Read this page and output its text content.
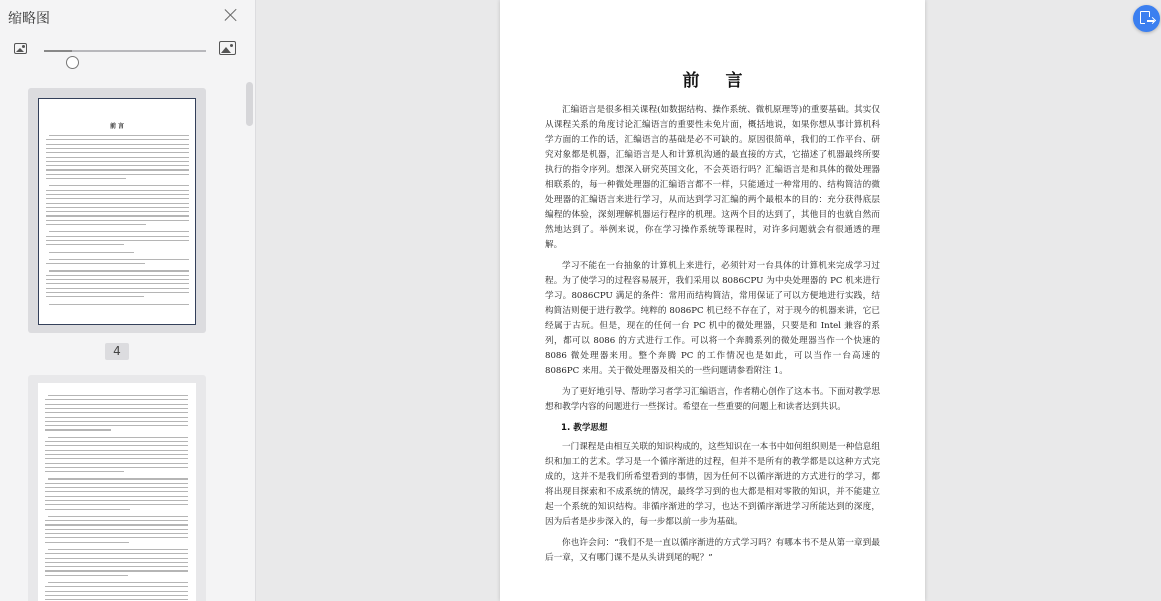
缩略图
前 言
4
前言

汇编语言是很多相关课程(如数据结构、操作系统、微机原理等)的重要基础。其实仅从课程关系的角度讨论汇编语言的重要性未免片面，概括地说，如果你想从事计算机科学方面的工作的话，汇编语言的基础是必不可缺的。原因很简单，我们的工作平台、研究对象都是机器，汇编语言是人和计算机沟通的最直接的方式，它描述了机器最终所要执行的指令序列。想深入研究英国文化，不会英语行吗？汇编语言是和具体的微处理器相联系的，每一种微处理器的汇编语言都不一样，只能通过一种常用的、结构简洁的微处理器的汇编语言来进行学习，从而达到学习汇编的两个最根本的目的：充分获得底层编程的体验，深刻理解机器运行程序的机理。这两个目的达到了，其他目的也就自然而然地达到了。举例来说，你在学习操作系统等课程时，对许多问题就会有很通透的理解。

学习不能在一台抽象的计算机上来进行，必须针对一台具体的计算机来完成学习过程。为了使学习的过程容易展开，我们采用以 8086CPU 为中央处理器的 PC 机来进行学习。8086CPU 满足的条件：常用而结构简洁，常用保证了可以方便地进行实践，结构简洁则便于进行教学。纯粹的 8086PC 机已经不存在了，对于现今的机器来讲，它已经属于古玩。但是，现在的任何一台 PC 机中的微处理器，只要是和 Intel 兼容的系列，都可以 8086 的方式进行工作。可以将一个奔腾系列的微处理器当作一个快速的 8086 微处理器来用。整个奔腾 PC 的工作情况也是如此，可以当作一台高速的 8086PC 来用。关于微处理器及相关的一些问题请参看附注 1。

为了更好地引导、帮助学习者学习汇编语言，作者精心创作了这本书。下面对教学思想和教学内容的问题进行一些探讨。希望在一些重要的问题上和读者达到共识。

1. 教学思想

一门课程是由相互关联的知识构成的，这些知识在一本书中如何组织则是一种信息组织和加工的艺术。学习是一个循序渐进的过程，但并不是所有的教学都是以这种方式完成的，这并不是我们所希望看到的事情，因为任何不以循序渐进的方式进行的学习，都将出现目探索和不成系统的情况，最终学习到的也大都是相对零散的知识，并不能建立起一个系统的知识结构。非循序渐进的学习，也达不到循序渐进学习所能达到的深度，因为后者是步步深入的，每一步都以前一步为基础。

你也许会问：“我们不是一直以循序渐进的方式学习吗？有哪本书不是从第一章到最后一章，又有哪门课不是从头讲到尾的呢？”
